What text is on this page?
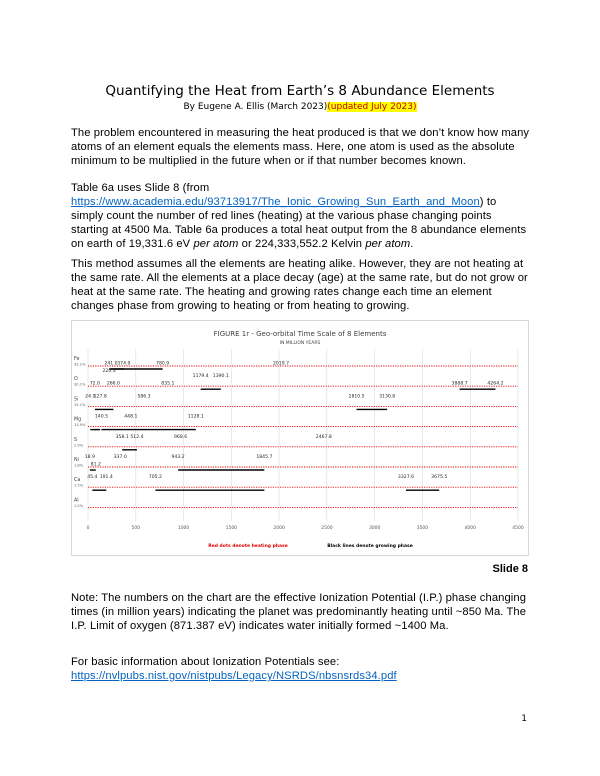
Quantifying the Heat from Earth’s 8 Abundance Elements
By Eugene A. Ellis (March 2023)(updated July 2023)
The problem encountered in measuring the heat produced is that we don’t know how many atoms of an element equals the elements mass. Here, one atom is used as the absolute minimum to be multiplied in the future when or if that number becomes known.
Table 6a uses Slide 8 (from
https://www.academia.edu/93713917/The_Ionic_Growing_Sun_Earth_and_Moon) to simply count the number of red lines (heating) at the various phase changing points starting at 4500 Ma. Table 6a produces a total heat output from the 8 abundance elements on earth of 19,331.6 eV per atom or 224,333,552.2 Kelvin per atom.
This method assumes all the elements are heating alike. However, they are not heating at the same rate. All the elements at a place decay (age) at the same rate, but do not grow or heat at the same rate. The heating and growing rates change each time an element changes phase from growing to heating or from heating to growing.
FIGURE 1r - Geo-orbital Time Scale of 8 Elements
IN MILLION YEARS
0	500	1000	1500	2000	2500	3000	3500	4000	4500
Fe
32.1%	241.0 374.9	780.9	2019.7
220.3
O
30.1%
1179.4 1390.1
72.0 266.0	835.1	3888.7	4264.2
Si
15.1%
24.0
127.8	586.3	2810.5	3130.8
Mg
13.9%
140.5	448.1	1128.1
S
2.9%
358.1 512.4	968.6	2467.8
Ni
1.8%
18.9
81.2
337.0	943.2	1845.7
Ca
1.5%
45.4 191.4	705.2	3327.6	3675.5
Al
1.5%
Red dots denote heating phase	Black lines denote growing phase
Slide 8
Note: The numbers on the chart are the effective Ionization Potential (I.P.) phase changing times (in million years) indicating the planet was predominantly heating until ~850 Ma. The I.P. Limit of oxygen (871.387 eV) indicates water initially formed ~1400 Ma.
For basic information about Ionization Potentials see:
https://nvlpubs.nist.gov/nistpubs/Legacy/NSRDS/nbsnsrds34.pdf
1
